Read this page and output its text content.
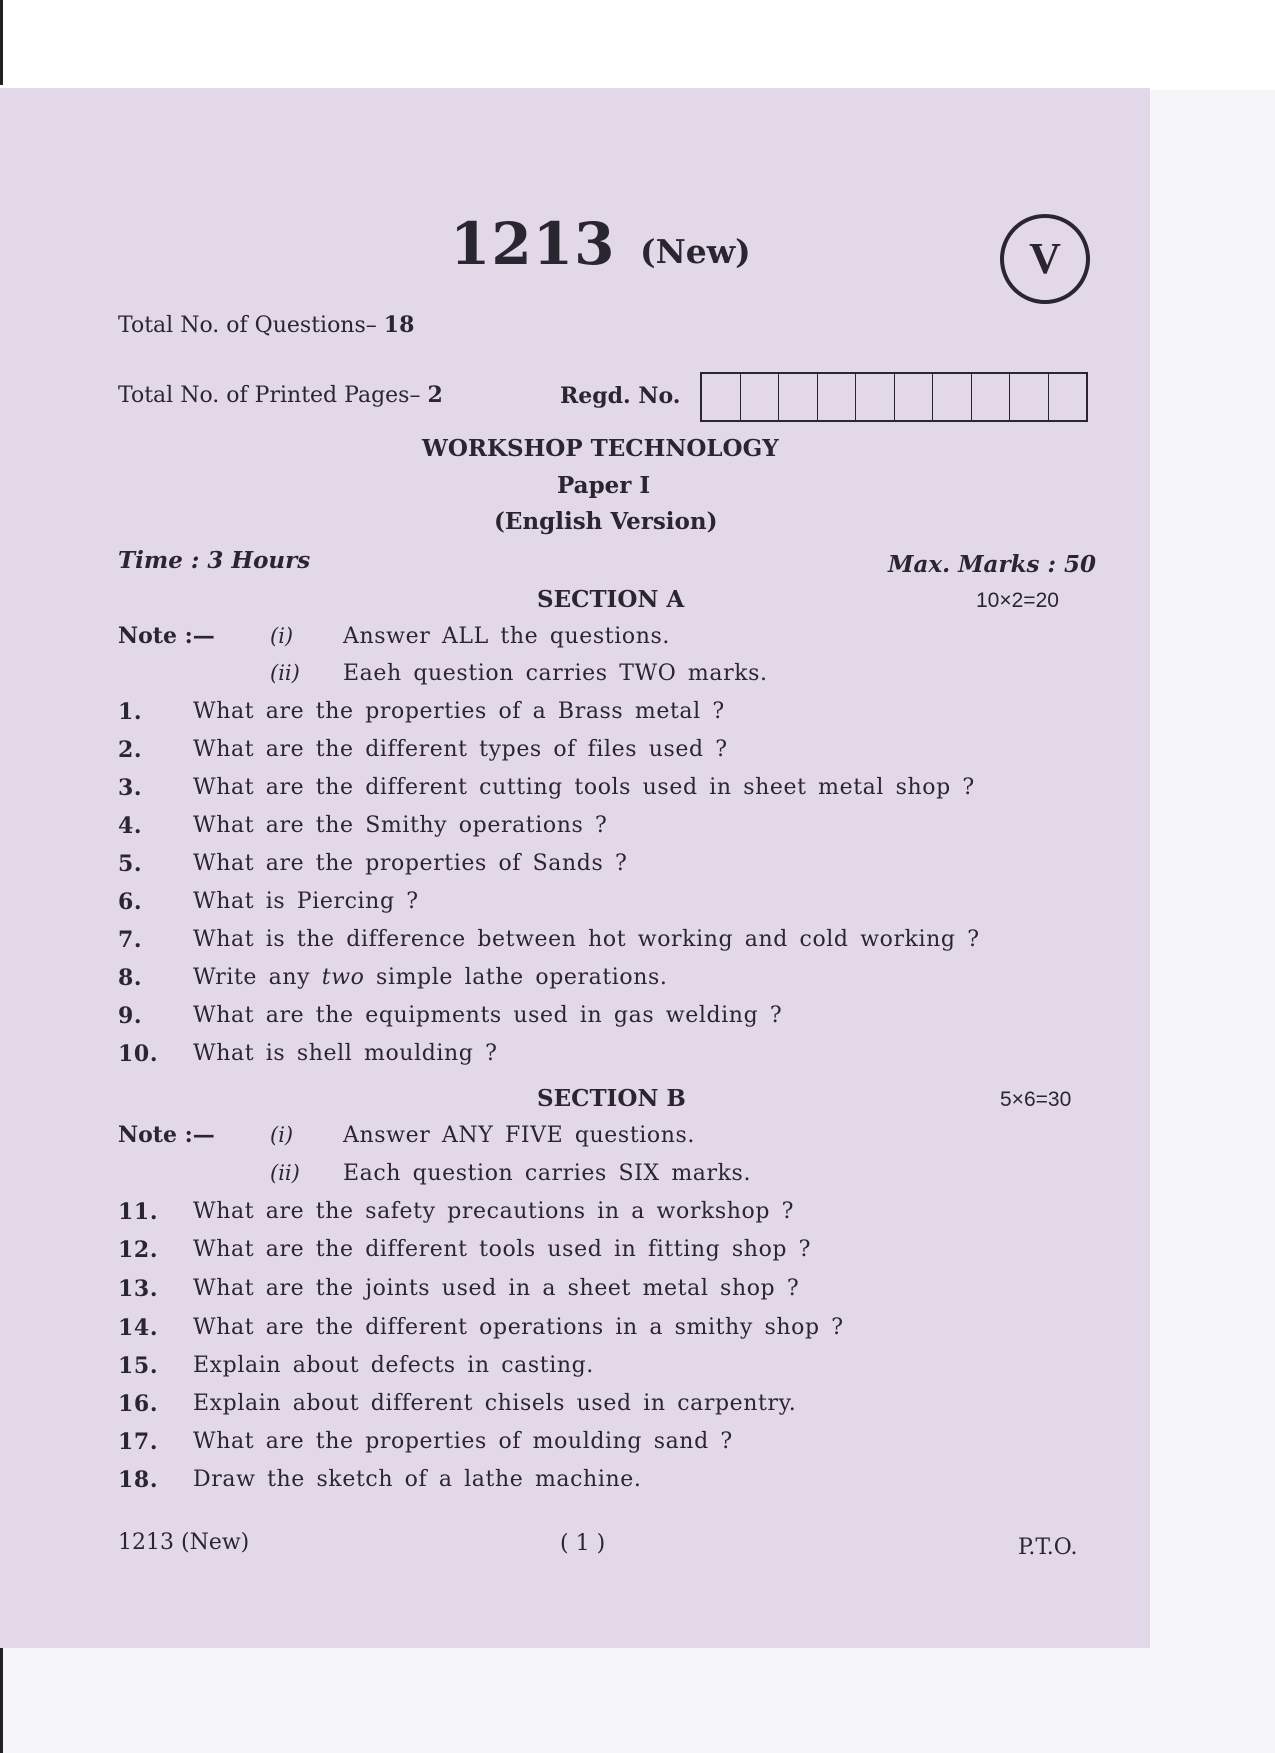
1213 (New)	V
Total No. of Questions– 18
Total No. of Printed Pages– 2	Regd. No.
WORKSHOP TECHNOLOGY
Paper I
(English Version)
Time : 3 Hours	Max. Marks : 50
SECTION A	10×2=20
Note :—	(i) Answer ALL the questions.
(ii) Eaeh question carries TWO marks.
1. What are the properties of a Brass metal ?
2. What are the different types of files used ?
3. What are the different cutting tools used in sheet metal shop ?
4. What are the Smithy operations ?
5. What are the properties of Sands ?
6. What is Piercing ?
7. What is the difference between hot working and cold working ?
8. Write any two simple lathe operations.
9. What are the equipments used in gas welding ?
10. What is shell moulding ?
SECTION B	5×6=30
Note :—	(i) Answer ANY FIVE questions.
(ii) Each question carries SIX marks.
11. What are the safety precautions in a workshop ?
12. What are the different tools used in fitting shop ?
13. What are the joints used in a sheet metal shop ?
14. What are the different operations in a smithy shop ?
15. Explain about defects in casting.
16. Explain about different chisels used in carpentry.
17. What are the properties of moulding sand ?
18. Draw the sketch of a lathe machine.
1213 (New)	( 1 )	P.T.O.
